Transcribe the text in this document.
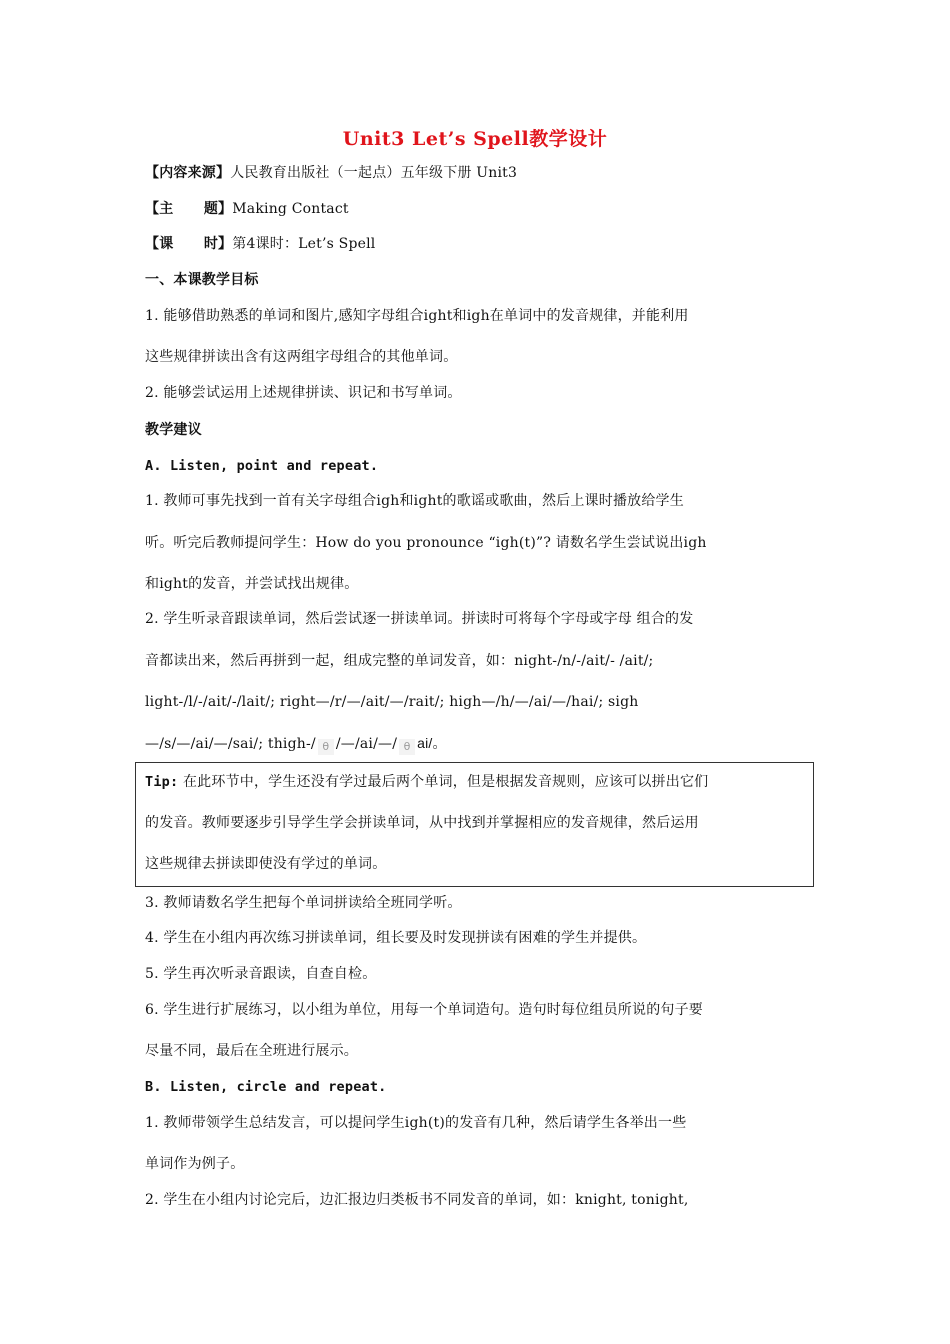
Unit3 Let’s Spell教学设计
【内容来源】人民教育出版社（一起点）五年级下册 Unit3
【主      题】Making Contact
【课      时】第4课时：Let’s Spell
一、本课教学目标
1. 能够借助熟悉的单词和图片,感知字母组合ight和igh在单词中的发音规律，并能利用
这些规律拼读出含有这两组字母组合的其他单词。
2. 能够尝试运用上述规律拼读、识记和书写单词。
教学建议
A. Listen, point and repeat.
1. 教师可事先找到一首有关字母组合igh和ight的歌谣或歌曲，然后上课时播放给学生
听。听完后教师提问学生：How do you pronounce “igh(t)”? 请数名学生尝试说出igh
和ight的发音，并尝试找出规律。
2. 学生听录音跟读单词，然后尝试逐一拼读单词。拼读时可将每个字母或字母 组合的发
音都读出来，然后再拼到一起，组成完整的单词发音，如：night-/n/-/ait/- /ait/;
light-/l/-/ait/-/lait/; right—/r/—/ait/—/rait/; high—/h/—/ai/—/hai/; sigh
—/s/—/ai/—/sai/; thigh-/ θ /—/ai/—/ θ ai/。
Tip: 在此环节中，学生还没有学过最后两个单词，但是根据发音规则，应该可以拼出它们
的发音。教师要逐步引导学生学会拼读单词，从中找到并掌握相应的发音规律，然后运用
这些规律去拼读即使没有学过的单词。
3. 教师请数名学生把每个单词拼读给全班同学听。
4. 学生在小组内再次练习拼读单词，组长要及时发现拼读有困难的学生并提供。
5. 学生再次听录音跟读，自查自检。
6. 学生进行扩展练习，以小组为单位，用每一个单词造句。造句时每位组员所说的句子要
尽量不同，最后在全班进行展示。
B. Listen, circle and repeat.
1. 教师带领学生总结发言，可以提问学生igh(t)的发音有几种，然后请学生各举出一些
单词作为例子。
2. 学生在小组内讨论完后，边汇报边归类板书不同发音的单词，如：knight, tonight,
